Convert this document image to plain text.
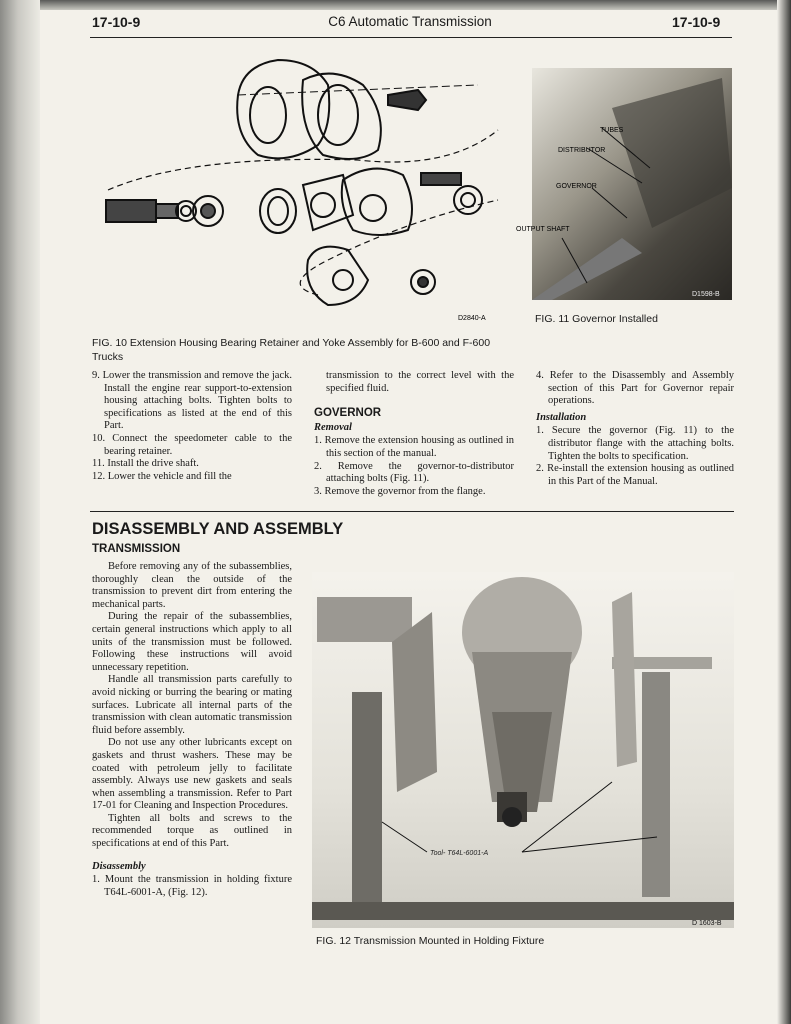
17-10-9	C6 Automatic Transmission	17-10-9
D2840-A
TUBES
DISTRIBUTOR
GOVERNOR
OUTPUT SHAFT
D1598-B
FIG. 10 Extension Housing Bearing Retainer and Yoke Assembly for B-600 and F-600 Trucks
FIG. 11 Governor Installed

9. Lower the transmission and remove the jack. Install the engine rear support-to-extension housing attaching bolts. Tighten bolts to specifications as listed at the end of this Part.

10. Connect the speedometer cable to the bearing retainer.

11. Install the drive shaft.

12. Lower the vehicle and fill the

transmission to the correct level with the specified fluid.

GOVERNOR
Removal

1. Remove the extension housing as outlined in this section of the manual.

2. Remove the governor-to-distributor attaching bolts (Fig. 11).

3. Remove the governor from the flange.

4. Refer to the Disassembly and Assembly section of this Part for Governor repair operations.

Installation

1. Secure the governor (Fig. 11) to the distributor flange with the attaching bolts. Tighten the bolts to specification.

2. Re-install the extension housing as outlined in this Part of the Manual.

DISASSEMBLY AND ASSEMBLY
TRANSMISSION

Before removing any of the subassemblies, thoroughly clean the outside of the transmission to prevent dirt from entering the mechanical parts.

During the repair of the subassemblies, certain general instructions which apply to all units of the transmission must be followed. Following these instructions will avoid unnecessary repetition.

Handle all transmission parts carefully to avoid nicking or burring the bearing or mating surfaces. Lubricate all internal parts of the transmission with clean automatic transmission fluid before assembly.

Do not use any other lubricants except on gaskets and thrust washers. These may be coated with petroleum jelly to facilitate assembly. Always use new gaskets and seals when assembling a transmission. Refer to Part 17-01 for Cleaning and Inspection Procedures.

Tighten all bolts and screws to the recommended torque as outlined in specifications at end of this Part.

Disassembly

1. Mount the transmission in holding fixture T64L-6001-A, (Fig. 12).

Tool- T64L-6001-A
D 1603-B
FIG. 12 Transmission Mounted in Holding Fixture
